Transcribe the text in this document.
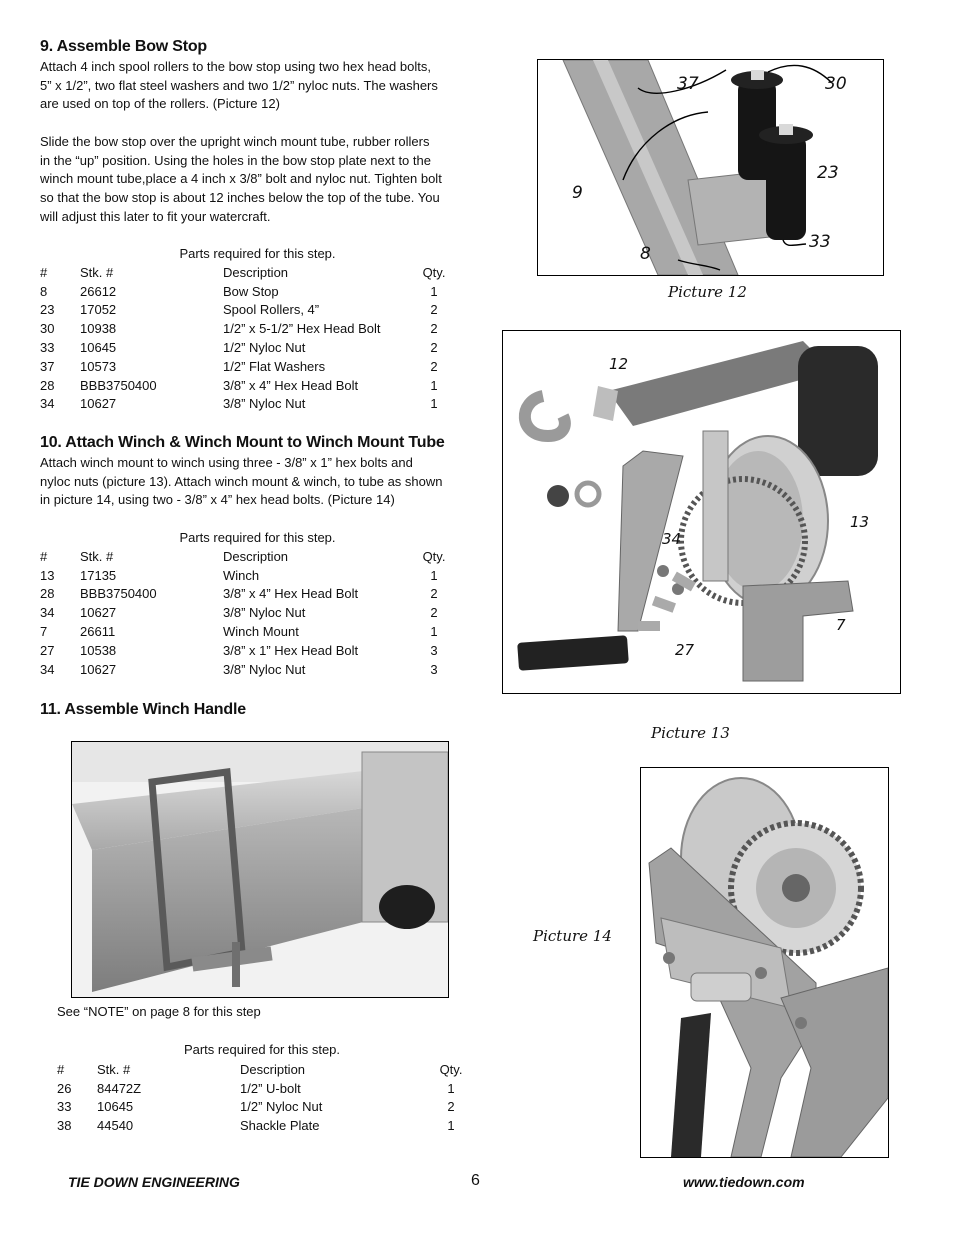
9. Assemble Bow Stop
Attach 4 inch spool rollers to the bow stop using two hex head bolts,
5” x 1/2”, two flat steel washers and two 1/2” nyloc nuts. The washers
are used on top of the rollers. (Picture 12)
Slide the bow stop over the upright winch mount tube, rubber rollers
in the “up” position. Using the holes in the bow stop plate next to the
winch mount tube,place a 4 inch x 3/8” bolt and nyloc nut. Tighten bolt
so that the bow stop is about 12 inches below the top of the tube. You
will adjust this later to fit your watercraft.
Parts required for this step.
#	Stk. #	Description	Qty.
8	26612	Bow Stop	1
23	17052	Spool Rollers, 4”	2
30	10938	1/2” x 5-1/2” Hex Head Bolt	2
33	10645	1/2” Nyloc Nut	2
37	10573	1/2” Flat Washers	2
28	BBB3750400	3/8” x 4” Hex Head Bolt	1
34	10627	3/8” Nyloc Nut	1
10. Attach Winch & Winch Mount to Winch Mount Tube
Attach winch mount to winch using three - 3/8” x 1” hex bolts and
nyloc nuts (picture 13). Attach winch mount & winch, to tube as shown
in picture 14, using two - 3/8” x 4” hex head bolts. (Picture 14)
Parts required for this step.
#	Stk. #	Description	Qty.
13	17135	Winch	1
28	BBB3750400	3/8” x 4” Hex Head Bolt	2
34	10627	3/8” Nyloc Nut	2
7	26611	Winch Mount	1
27	10538	3/8” x 1” Hex Head Bolt	3
34	10627	3/8” Nyloc Nut	3
11. Assemble Winch Handle
See “NOTE” on page 8 for this step
Parts required for this step.
#	Stk. #	Description	Qty.
26	84472Z	1/2” U-bolt	1
33	10645	1/2” Nyloc Nut	2
38	44540	Shackle Plate	1
37	30
9
23
8
33
Picture 12
12
13
34
7
27
Picture 13
Picture 14
TIE DOWN ENGINEERING	6	www.tiedown.com
